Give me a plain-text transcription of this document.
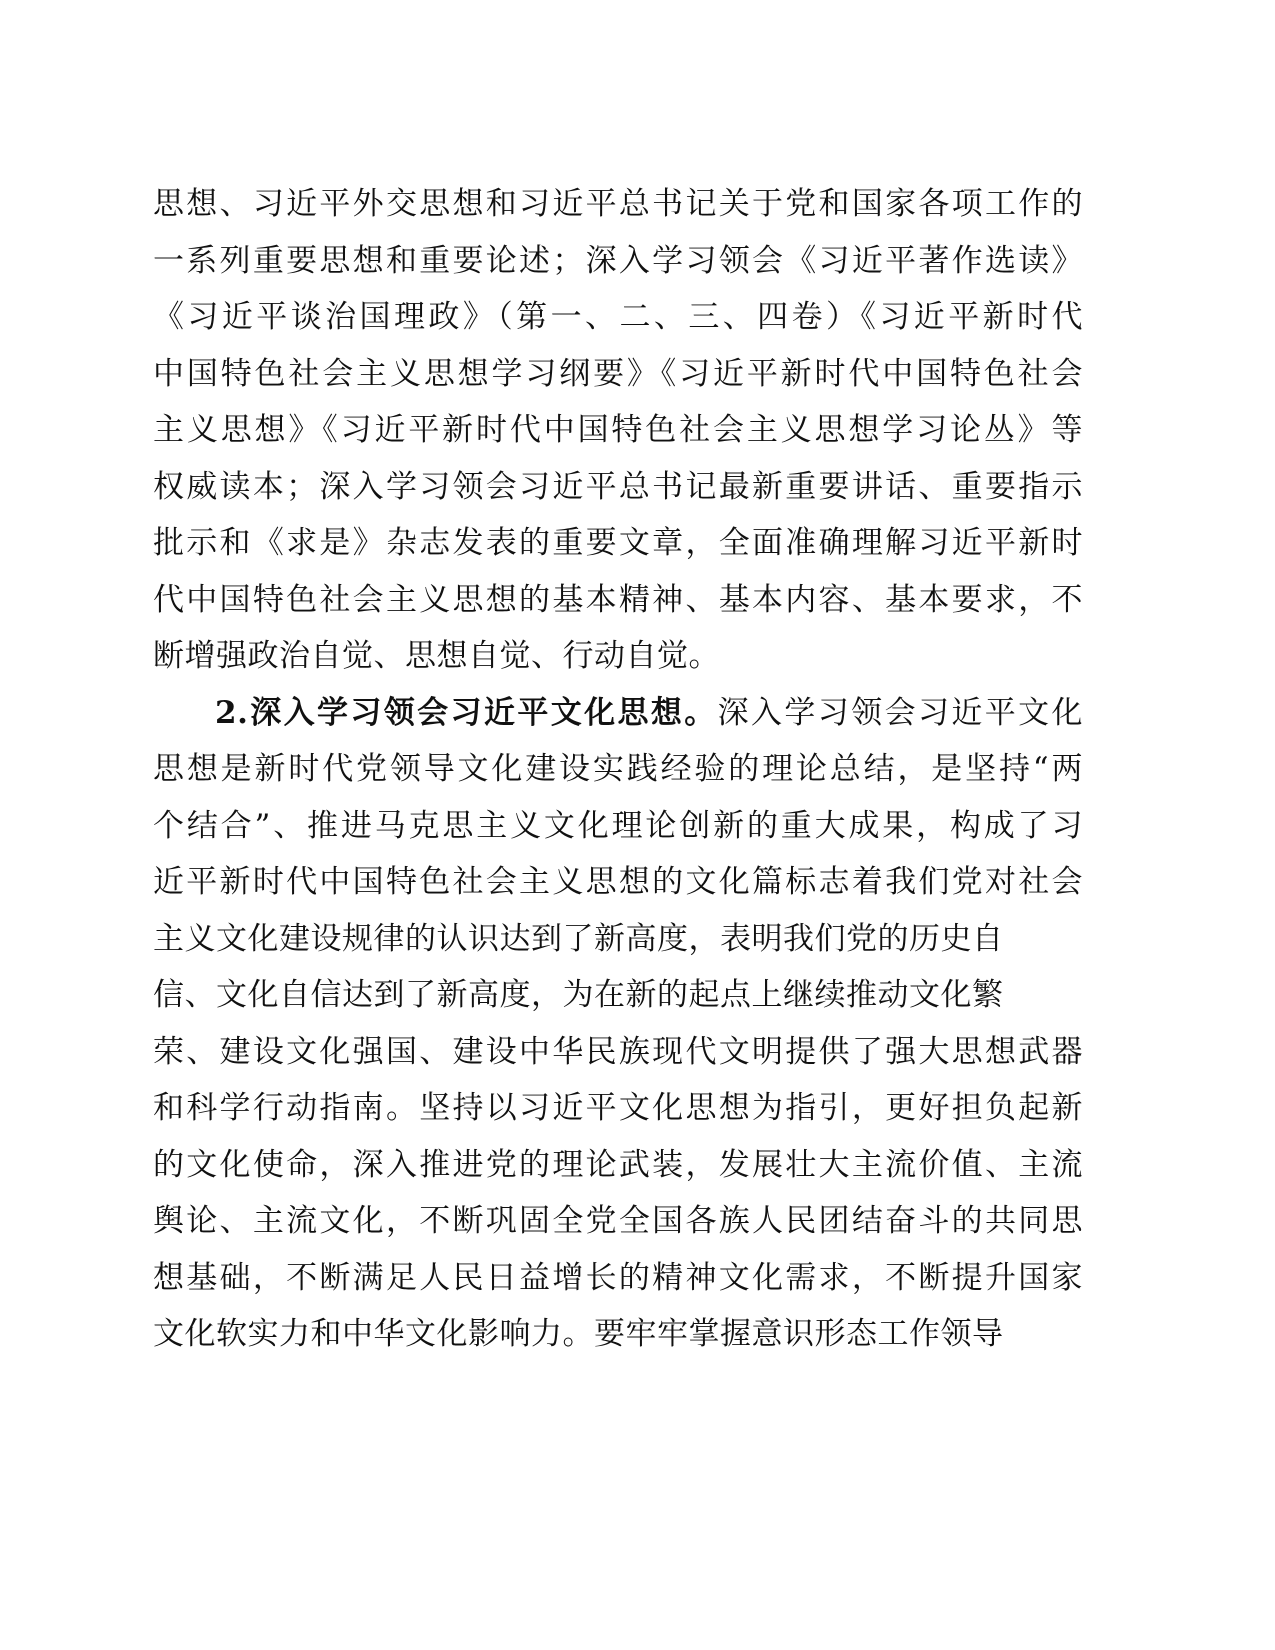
思想、习近平外交思想和习近平总书记关于党和国家各项工作的
一系列重要思想和重要论述；深入学习领会《习近平著作选读》
《习近平谈治国理政》（第一、二、三、四卷）《习近平新时代
中国特色社会主义思想学习纲要》《习近平新时代中国特色社会
主义思想》《习近平新时代中国特色社会主义思想学习论丛》等
权威读本；深入学习领会习近平总书记最新重要讲话、重要指示
批示和《求是》杂志发表的重要文章，全面准确理解习近平新时
代中国特色社会主义思想的基本精神、基本内容、基本要求，不
断增强政治自觉、思想自觉、行动自觉。
2.深入学习领会习近平文化思想。深入学习领会习近平文化
思想是新时代党领导文化建设实践经验的理论总结，是坚持“两
个结合”、推进马克思主义文化理论创新的重大成果，构成了习
近平新时代中国特色社会主义思想的文化篇标志着我们党对社会
主义文化建设规律的认识达到了新高度，表明我们党的历史自
信、文化自信达到了新高度，为在新的起点上继续推动文化繁
荣、建设文化强国、建设中华民族现代文明提供了强大思想武器
和科学行动指南。坚持以习近平文化思想为指引，更好担负起新
的文化使命，深入推进党的理论武装，发展壮大主流价值、主流
舆论、主流文化，不断巩固全党全国各族人民团结奋斗的共同思
想基础，不断满足人民日益增长的精神文化需求，不断提升国家
文化软实力和中华文化影响力。要牢牢掌握意识形态工作领导
